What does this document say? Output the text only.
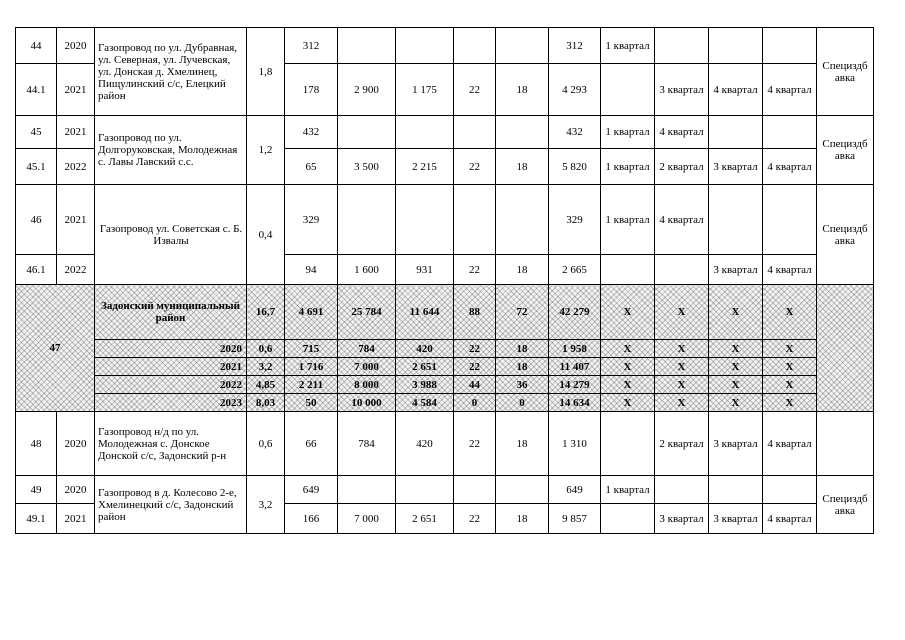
44	2020	Газопровод по ул. Дубравная, ул. Северная, ул. Лучевская, ул. Донская д. Хмелинец, Пищулинский с/с, Елецкий район	1,8	312					312	1 квартал				Специздб авка
44.1	2021			178	2 900	1 175	22	18	4 293		3 квартал	4 квартал	4 квартал	
45	2021	Газопровод по ул. Долгоруковская, Молодежная с. Лавы Лавский с.с.	1,2	432					432	1 квартал	4 квартал			Специздб авка
45.1	2022			65	3 500	2 215	22	18	5 820	1 квартал	2 квартал	3 квартал	4 квартал	
46	2021	Газопровод ул. Советская с. Б. Извалы	0,4	329					329	1 квартал	4 квартал			Специздб авка
46.1	2022			94	1 600	931	22	18	2 665			3 квартал	4 квартал	
47		Задонский муниципальный район	16,7	4 691	25 784	11 644	88	72	42 279	X	X	X	X	
		2020	0,6	715	784	420	22	18	1 958	X	X	X	X	
		2021	3,2	1 716	7 000	2 651	22	18	11 407	X	X	X	X	
		2022	4,85	2 211	8 000	3 988	44	36	14 279	X	X	X	X	
		2023	8,03	50	10 000	4 584	0	0	14 634	X	X	X	X	
48	2020	Газопровод н/д по ул. Молодежная с. Донское Донской с/с, Задонский р-н	0,6	66	784	420	22	18	1 310		2 квартал	3 квартал	4 квартал	
49	2020	Газопровод в д. Колесово 2-е, Хмелинецкий с/с, Задонский район	3,2	649					649	1 квартал				Специздб авка
49.1	2021			166	7 000	2 651	22	18	9 857		3 квартал	3 квартал	4 квартал	
